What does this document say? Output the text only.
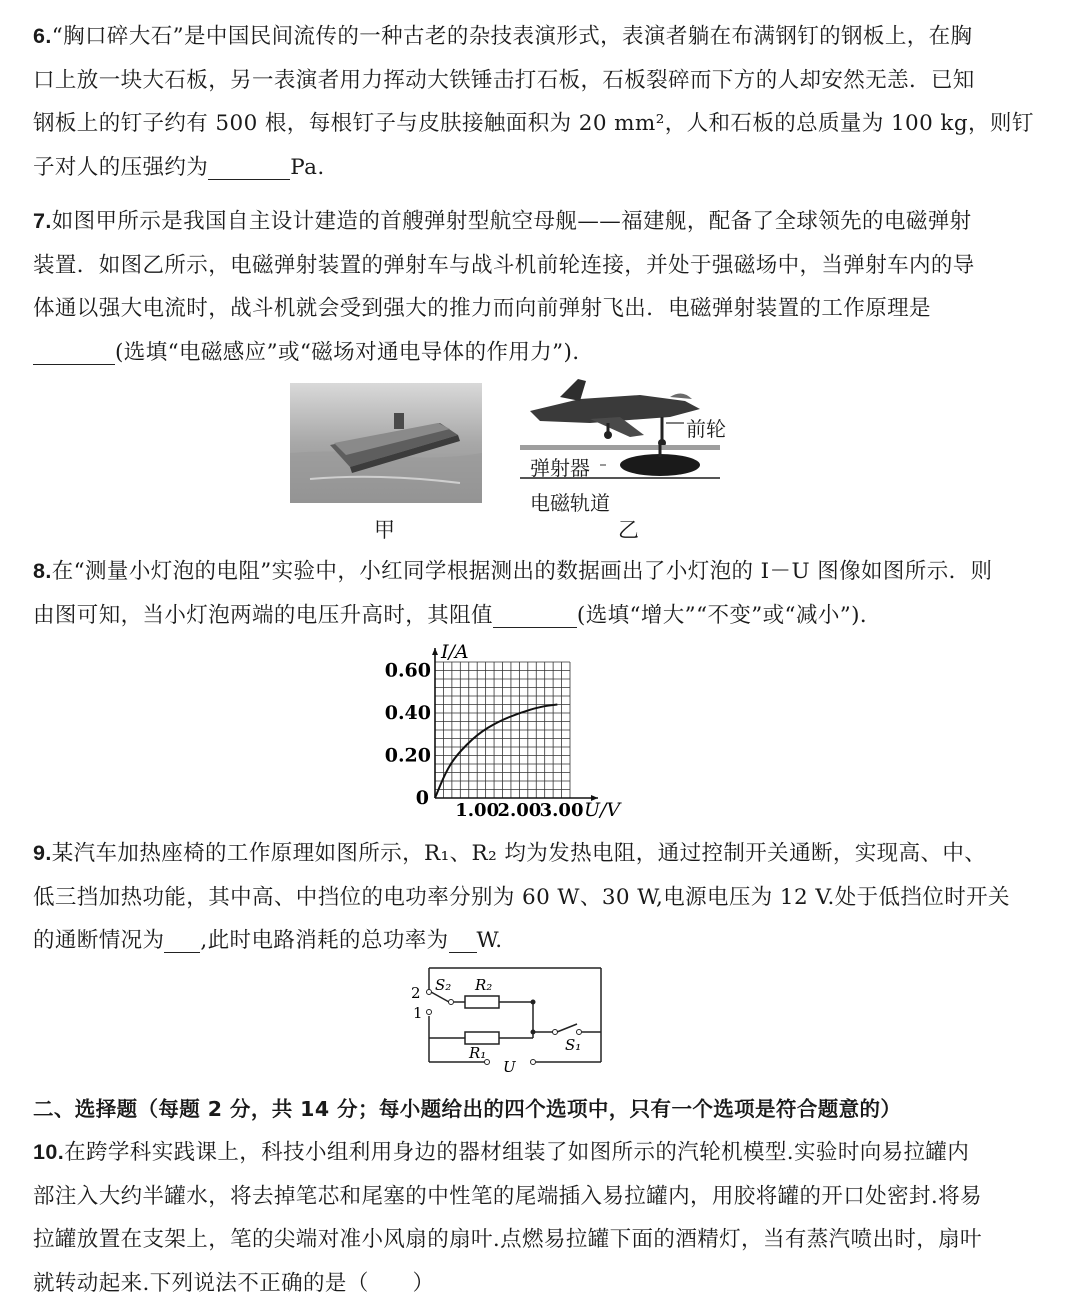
6.“胸口碎大石”是中国民间流传的一种古老的杂技表演形式，表演者躺在布满钢钉的钢板上，在胸
口上放一块大石板，另一表演者用力挥动大铁锤击打石板，石板裂碎而下方的人却安然无恙．已知
钢板上的钉子约有 500 根，每根钉子与皮肤接触面积为 20 mm²，人和石板的总质量为 100 kg，则钉
子对人的压强约为	Pa.

7.如图甲所示是我国自主设计建造的首艘弹射型航空母舰——福建舰，配备了全球领先的电磁弹射
装置．如图乙所示，电磁弹射装置的弹射车与战斗机前轮连接，并处于强磁场中，当弹射车内的导
体通以强大电流时，战斗机就会受到强大的推力而向前弹射飞出．电磁弹射装置的工作原理是
(选填“电磁感应”或“磁场对通电导体的作用力”)．

甲
前轮
弹射器
电磁轨道
乙

8.在“测量小灯泡的电阻”实验中，小红同学根据测出的数据画出了小灯泡的 I－U 图像如图所示．则
由图可知，当小灯泡两端的电压升高时，其阻值	(选填“增大”“不变”或“减小”)．

0.20
0.40
0.60
1.00
2.00
3.00
0
I/A
U/V

9.某汽车加热座椅的工作原理如图所示，R₁、R₂ 均为发热电阻，通过控制开关通断，实现高、中、
低三挡加热功能，其中高、中挡位的电功率分别为 60 W、30 W,电源电压为 12 V.处于低挡位时开关
的通断情况为 ,此时电路消耗的总功率为 W.

2
1
S₂ R₂
R₁	S₁
U

二、选择题（每题 2 分，共 14 分；每小题给出的四个选项中，只有一个选项是符合题意的）

10.在跨学科实践课上，科技小组利用身边的器材组装了如图所示的汽轮机模型.实验时向易拉罐内
部注入大约半罐水，将去掉笔芯和尾塞的中性笔的尾端插入易拉罐内，用胶将罐的开口处密封.将易
拉罐放置在支架上，笔的尖端对准小风扇的扇叶.点燃易拉罐下面的酒精灯，当有蒸汽喷出时，扇叶
就转动起来.下列说法不正确的是（　　）
